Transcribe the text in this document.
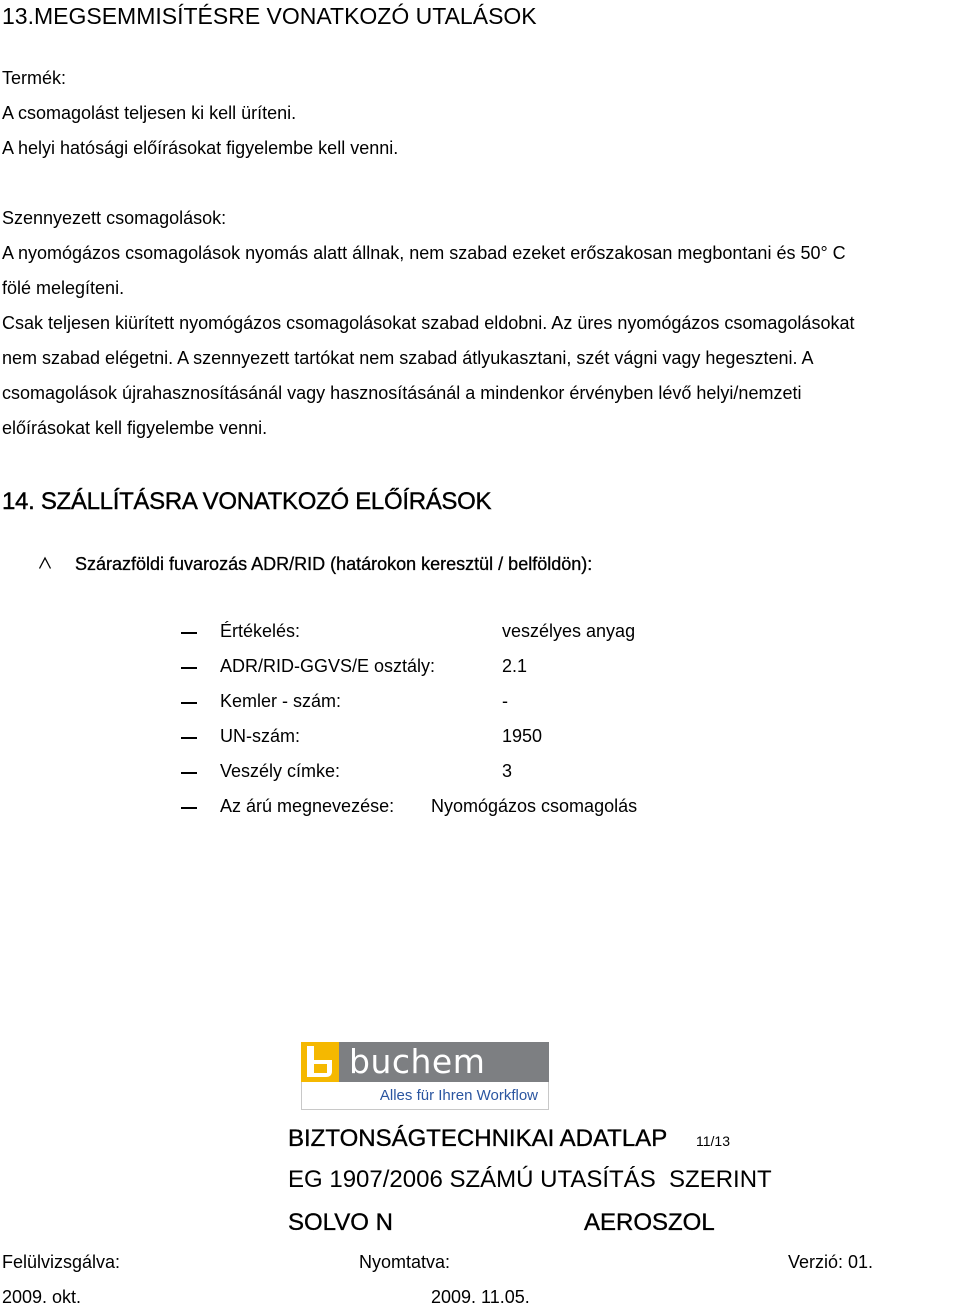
13.MEGSEMMISÍTÉSRE VONATKOZÓ UTALÁSOK
Termék:
A csomagolást teljesen ki kell üríteni.
A helyi hatósági előírásokat figyelembe kell venni.
Szennyezett csomagolások:
A nyomógázos csomagolások nyomás alatt állnak, nem szabad ezeket erőszakosan megbontani és 50° C
fölé melegíteni.
Csak teljesen kiürített nyomógázos csomagolásokat szabad eldobni. Az üres nyomógázos csomagolásokat
nem szabad elégetni. A szennyezett tartókat nem szabad átlyukasztani, szét vágni vagy hegeszteni. A
csomagolások újrahasznosításánál vagy hasznosításánál a mindenkor érvényben lévő helyi/nemzeti
előírásokat kell figyelembe venni.
14. SZÁLLÍTÁSRA VONATKOZÓ ELŐÍRÁSOK
Szárazföldi fuvarozás ADR/RID (határokon keresztül / belföldön):
Értékelés:	veszélyes anyag
ADR/RID-GGVS/E osztály:	2.1
Kemler - szám:	-
UN-szám:	1950
Veszély címke:	3
Az árú megnevezése: Nyomógázos csomagolás
buchem
Alles für Ihren Workflow
BIZTONSÁGTECHNIKAI ADATLAP 11/13
EG 1907/2006 SZÁMÚ UTASÍTÁS  SZERINT
SOLVO N	AEROSZOL
Felülvizsgálva:	Nyomtatva:	Verzió: 01.
2009. okt.	2009. 11.05.
